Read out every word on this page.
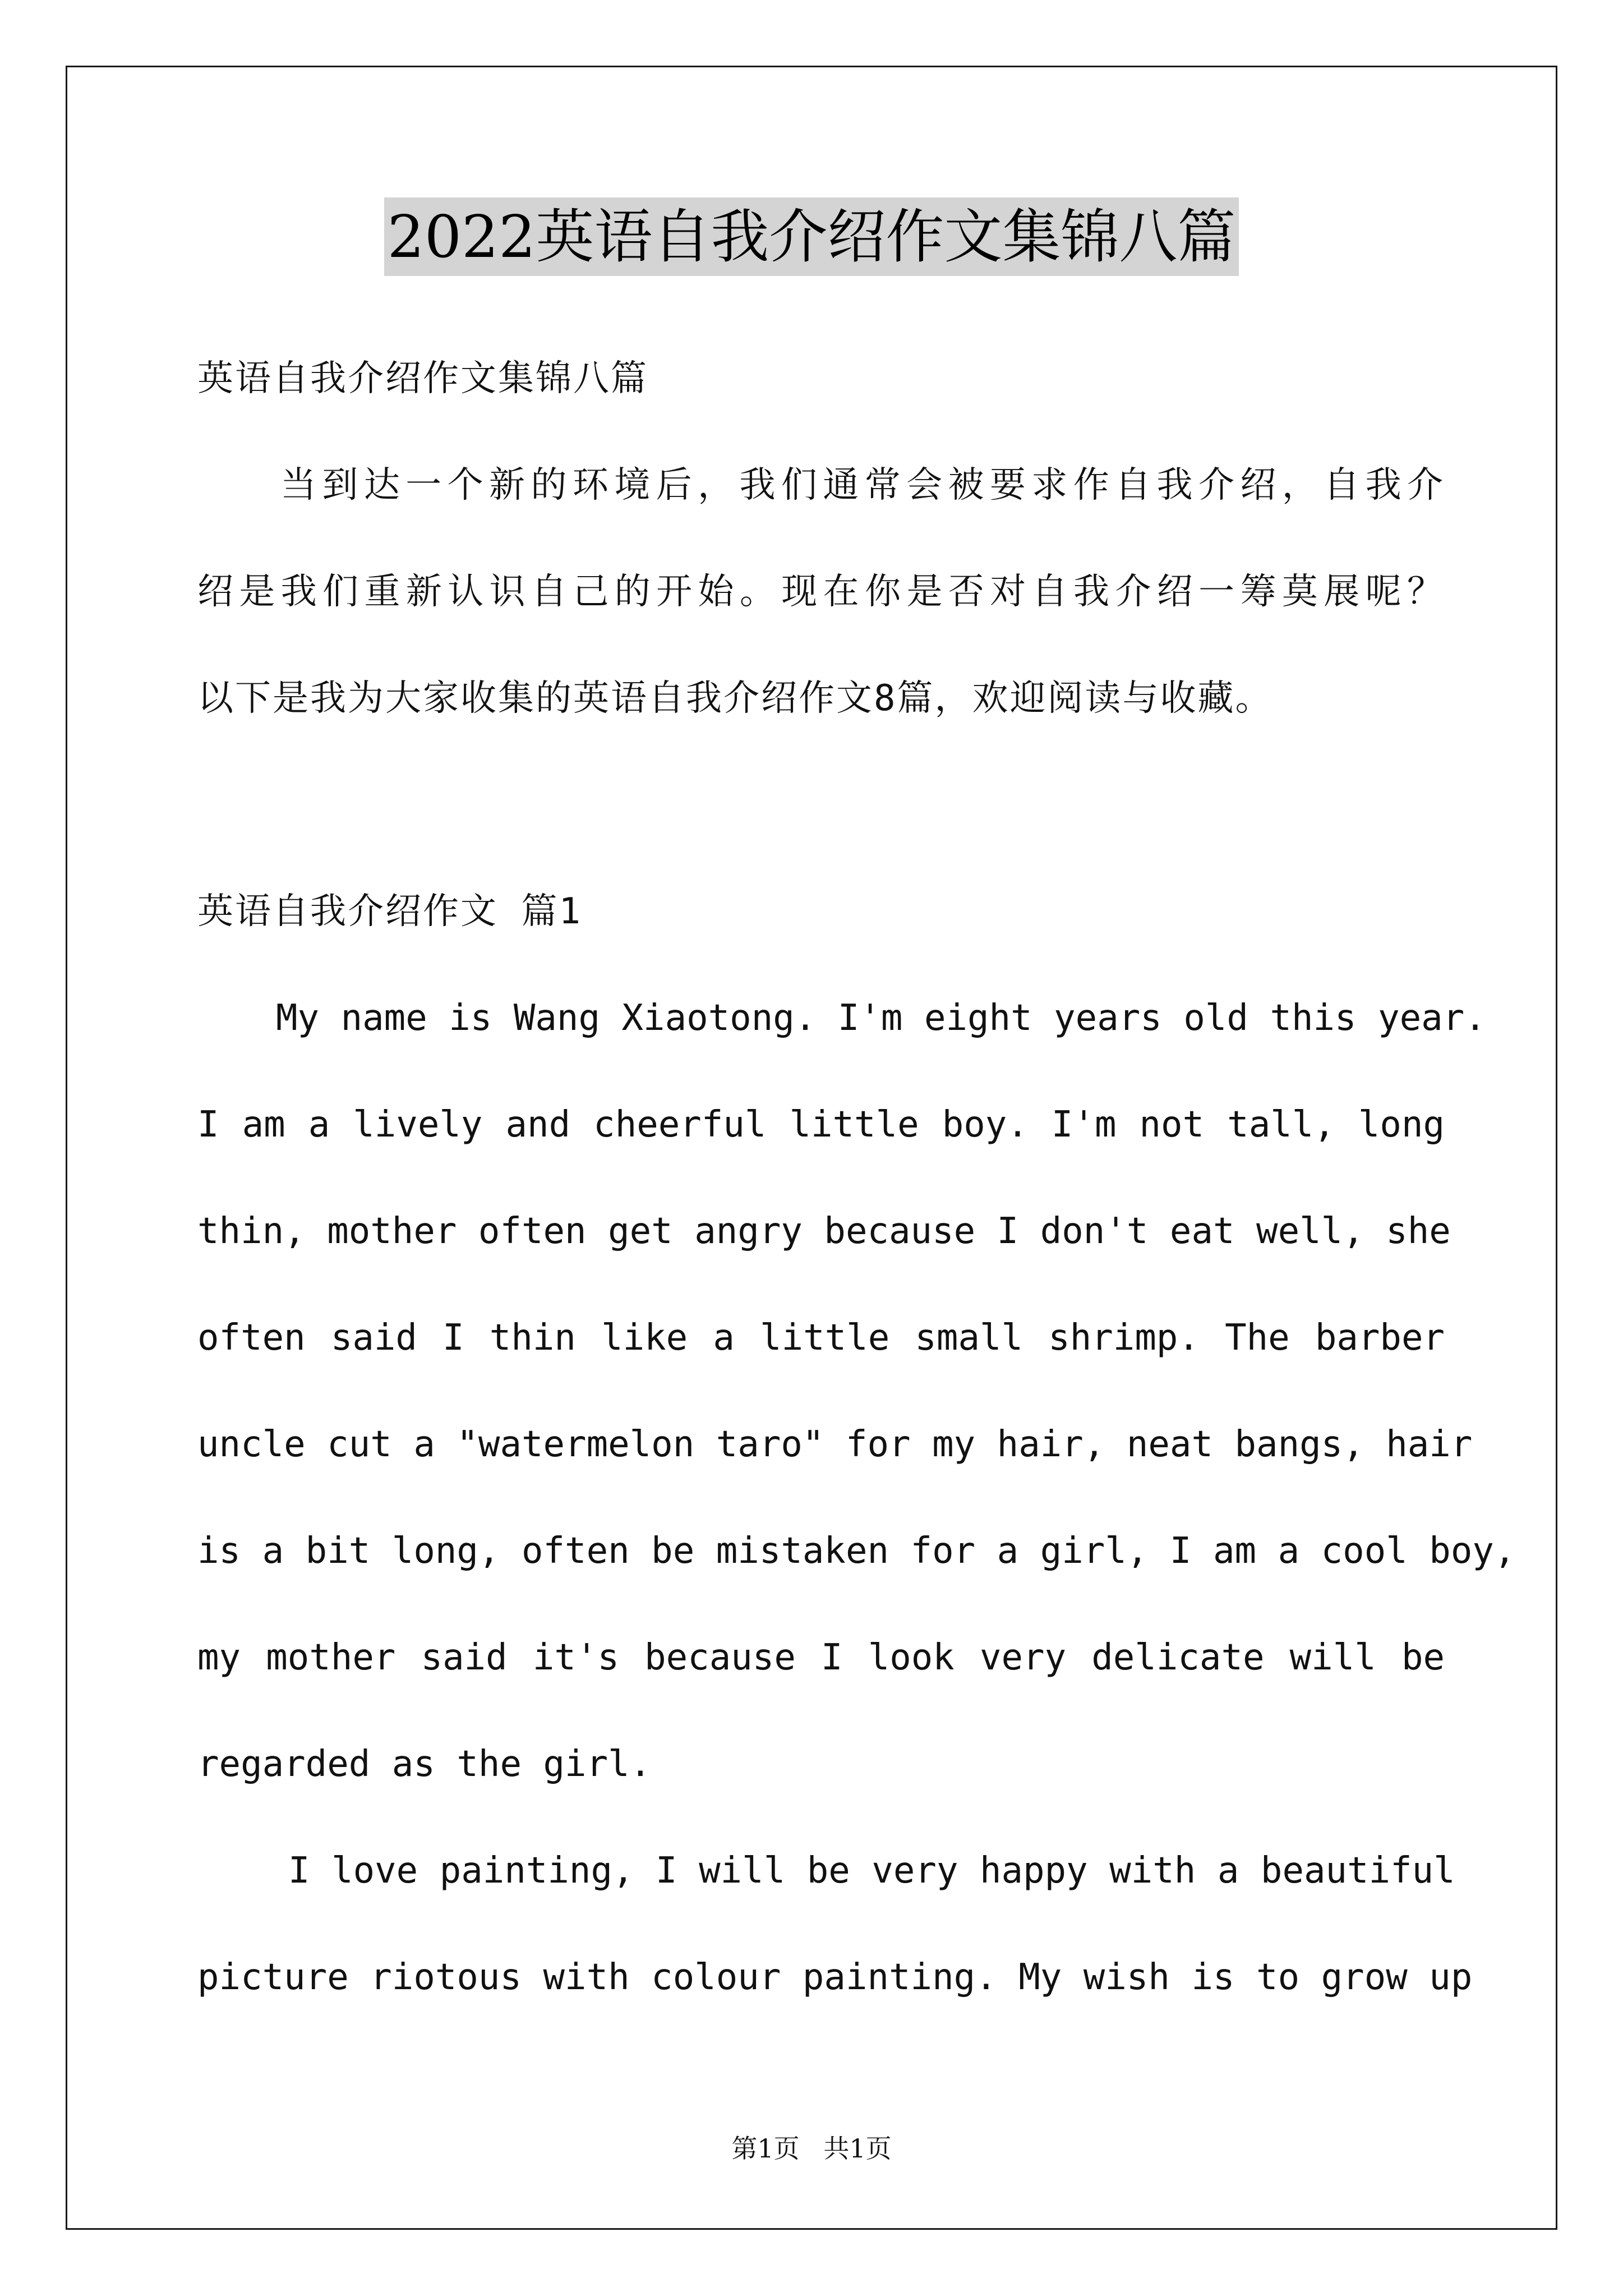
2022英语自我介绍作文集锦八篇
英语自我介绍作文集锦八篇
当到达一个新的环境后，我们通常会被要求作自我介绍，自我介
绍是我们重新认识自己的开始。现在你是否对自我介绍一筹莫展呢？
以下是我为大家收集的英语自我介绍作文8篇，欢迎阅读与收藏。
英语自我介绍作文 篇1
My name is Wang Xiaotong. I'm eight years old this year.
I am a lively and cheerful little boy. I'm not tall, long
thin, mother often get angry because I don't eat well, she
often said I thin like a little small shrimp. The barber
uncle cut a "watermelon taro" for my hair, neat bangs, hair
is a bit long, often be mistaken for a girl, I am a cool boy,
my mother said it's because I look very delicate will be
regarded as the girl.
I love painting, I will be very happy with a beautiful
picture riotous with colour painting. My wish is to grow up
第1页 共1页
